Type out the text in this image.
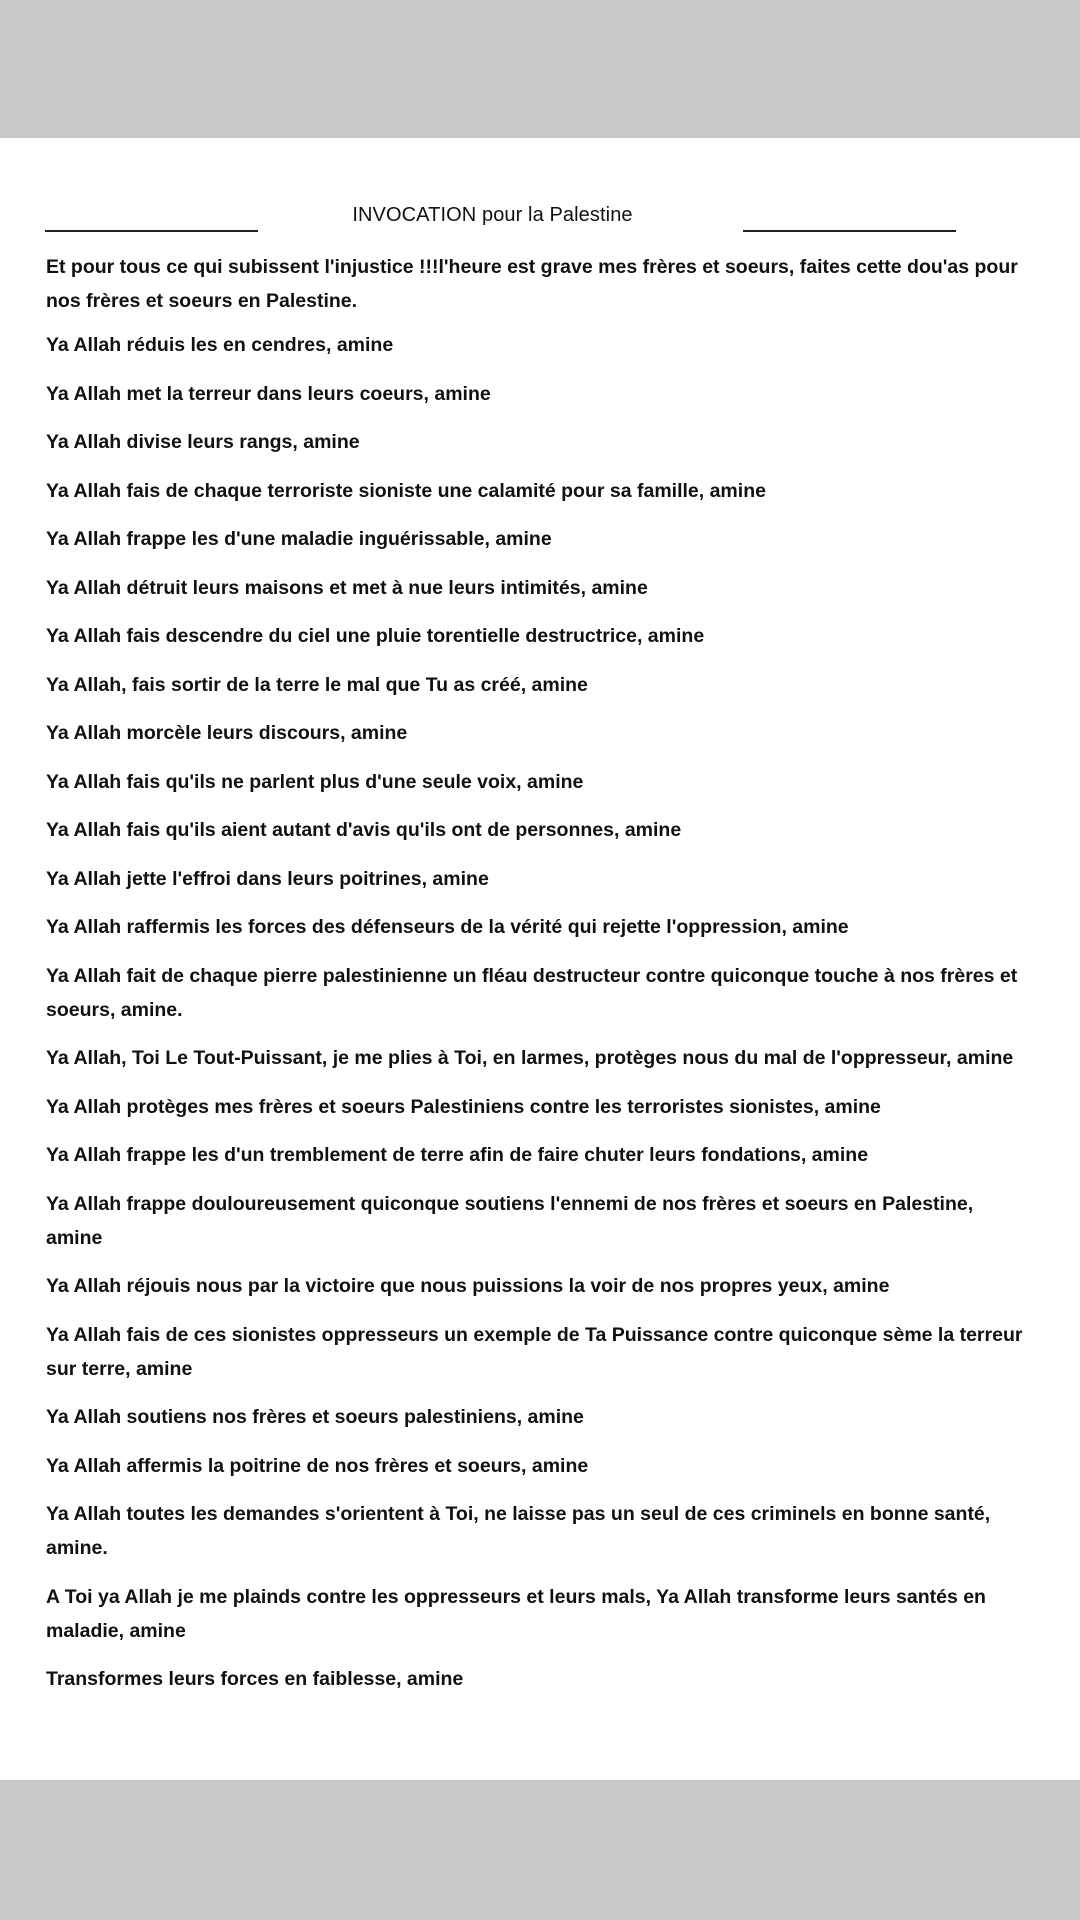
INVOCATION pour la Palestine
Et pour tous ce qui subissent l'injustice !!!l'heure est grave mes frères et soeurs, faites cette dou'as pour nos frères et soeurs en Palestine.
Ya Allah réduis les en cendres, amine
Ya Allah met la terreur dans leurs coeurs, amine
Ya Allah divise leurs rangs, amine
Ya Allah fais de chaque terroriste sioniste une calamité pour sa famille, amine
Ya Allah frappe les d'une maladie inguérissable, amine
Ya Allah détruit leurs maisons et met à nue leurs intimités, amine
Ya Allah fais descendre du ciel une pluie torentielle destructrice, amine
Ya Allah, fais sortir de la terre le mal que Tu as créé, amine
Ya Allah morcèle leurs discours, amine
Ya Allah fais qu'ils ne parlent plus d'une seule voix, amine
Ya Allah fais qu'ils aient autant d'avis qu'ils ont de personnes, amine
Ya Allah jette l'effroi dans leurs poitrines, amine
Ya Allah raffermis les forces des défenseurs de la vérité qui rejette l'oppression, amine
Ya Allah fait de chaque pierre palestinienne un fléau destructeur contre quiconque touche à nos frères et soeurs, amine.
Ya Allah, Toi Le Tout-Puissant, je me plies à Toi, en larmes, protèges nous du mal de l'oppresseur, amine
Ya Allah protèges mes frères et soeurs Palestiniens contre les terroristes sionistes, amine
Ya Allah frappe les d'un tremblement de terre afin de faire chuter leurs fondations, amine
Ya Allah frappe douloureusement quiconque soutiens l'ennemi de nos frères et soeurs en Palestine, amine
Ya Allah réjouis nous par la victoire que nous puissions la voir de nos propres yeux, amine
Ya Allah fais de ces sionistes oppresseurs un exemple de Ta Puissance contre quiconque sème la terreur sur terre, amine
Ya Allah soutiens nos frères et soeurs palestiniens, amine
Ya Allah affermis la poitrine de nos frères et soeurs, amine
Ya Allah toutes les demandes s'orientent à Toi, ne laisse pas un seul de ces criminels en bonne santé, amine.
A Toi ya Allah je me plainds contre les oppresseurs et leurs mals, Ya Allah transforme leurs santés en maladie, amine
Transformes leurs forces en faiblesse, amine
